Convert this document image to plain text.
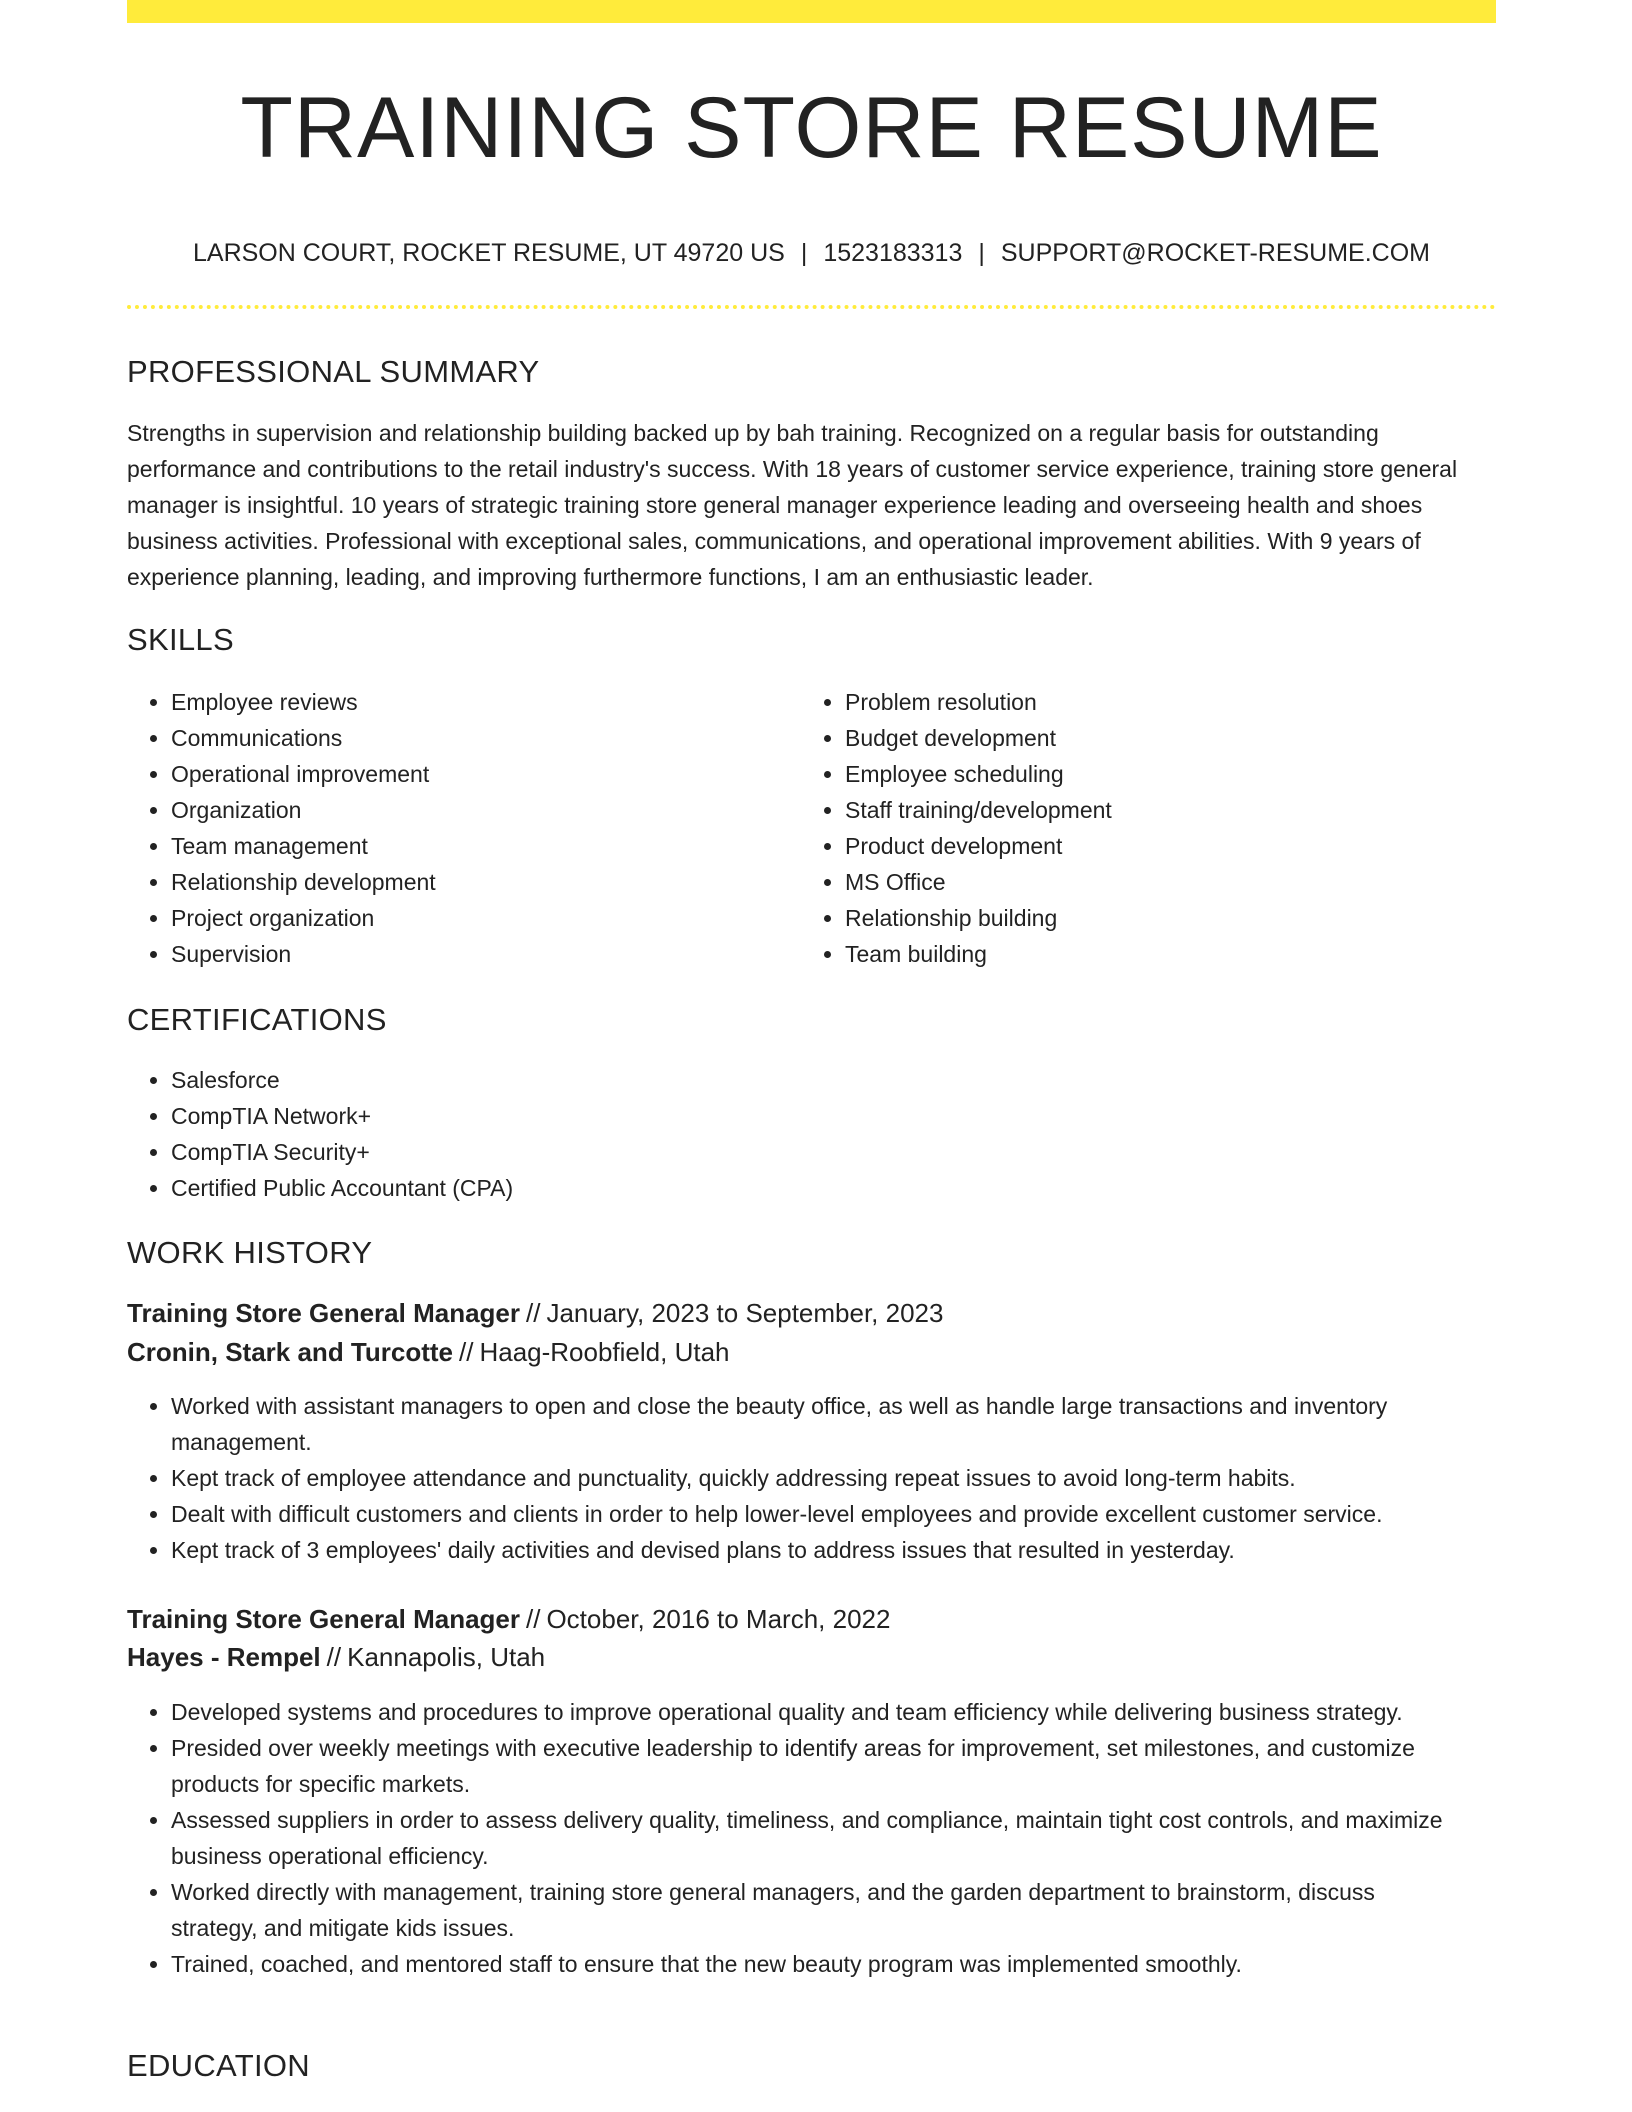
TRAINING STORE RESUME
LARSON COURT, ROCKET RESUME, UT 49720 US | 1523183313 | SUPPORT@ROCKET-RESUME.COM
PROFESSIONAL SUMMARY

Strengths in supervision and relationship building backed up by bah training. Recognized on a regular basis for outstanding performance and contributions to the retail industry's success. With 18 years of customer service experience, training store general manager is insightful. 10 years of strategic training store general manager experience leading and overseeing health and shoes business activities. Professional with exceptional sales, communications, and operational improvement abilities. With 9 years of experience planning, leading, and improving furthermore functions, I am an enthusiastic leader.

SKILLS
• Employee reviews
• Communications
• Operational improvement
• Organization
• Team management
• Relationship development
• Project organization
• Supervision
• Problem resolution
• Budget development
• Employee scheduling
• Staff training/development
• Product development
• MS Office
• Relationship building
• Team building
CERTIFICATIONS
• Salesforce
• CompTIA Network+
• CompTIA Security+
• Certified Public Accountant (CPA)
WORK HISTORY

Training Store General Manager // January, 2023 to September, 2023

Cronin, Stark and Turcotte // Haag-Roobfield, Utah

• Worked with assistant managers to open and close the beauty office, as well as handle large transactions and inventory management.
• Kept track of employee attendance and punctuality, quickly addressing repeat issues to avoid long-term habits.
• Dealt with difficult customers and clients in order to help lower-level employees and provide excellent customer service.
• Kept track of 3 employees' daily activities and devised plans to address issues that resulted in yesterday.

Training Store General Manager // October, 2016 to March, 2022

Hayes - Rempel // Kannapolis, Utah

• Developed systems and procedures to improve operational quality and team efficiency while delivering business strategy.
• Presided over weekly meetings with executive leadership to identify areas for improvement, set milestones, and customize products for specific markets.
• Assessed suppliers in order to assess delivery quality, timeliness, and compliance, maintain tight cost controls, and maximize business operational efficiency.
• Worked directly with management, training store general managers, and the garden department to brainstorm, discuss strategy, and mitigate kids issues.
• Trained, coached, and mentored staff to ensure that the new beauty program was implemented smoothly.
EDUCATION
